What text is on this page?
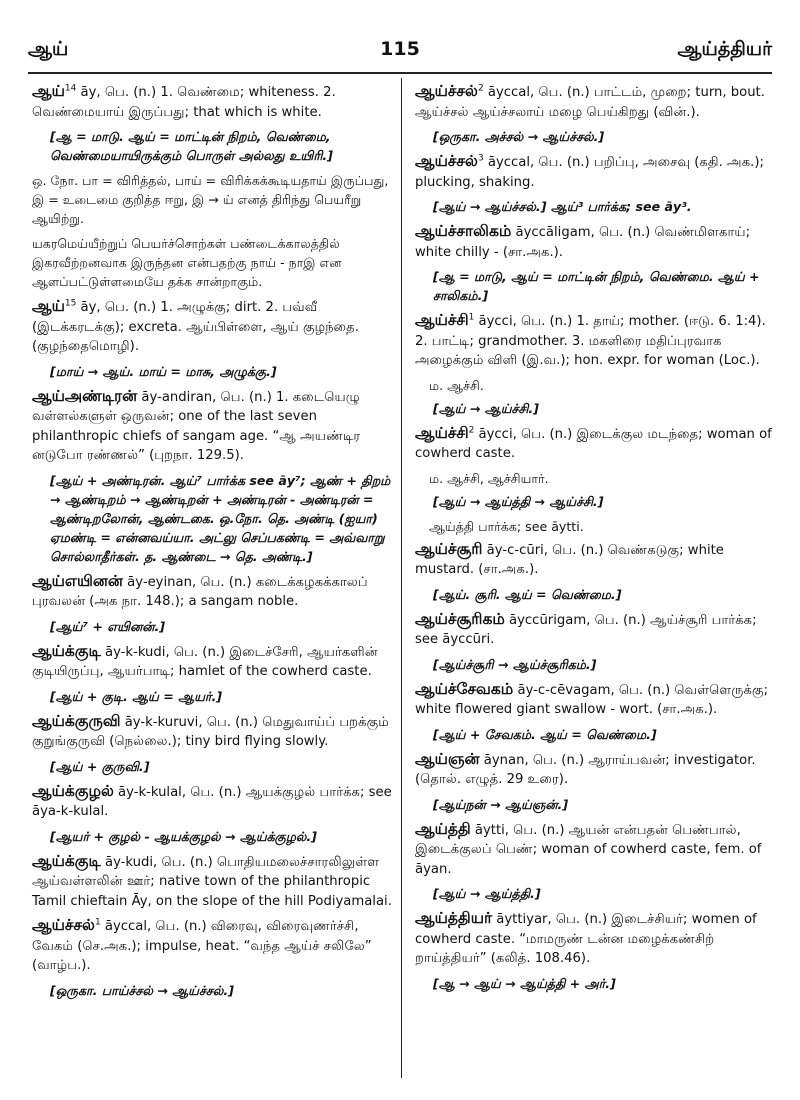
ஆய்	115	ஆய்த்தியர்
ஆய்$^{14}$ āy, பெ. (n.) 1. வெண்மை; whiteness. 2. வெண்மையாய் இருப்பது; that which is white.
[ஆ = மாடு. ஆய் = மாட்டின் நிறம், வெண்மை, வெண்மையாயிருக்கும் பொருள் அல்லது உயிரி.]
ஒ. நோ. பா = விரித்தல், பாய் = விரிக்கக்கூடியதாய் இருப்பது, இ = உடைமை குறித்த ஈறு, இ → ய் எனத் திரிந்து பெயரீறு ஆயிற்று.
யகரமெய்யீற்றுப் பெயர்ச்சொற்கள் பண்டைக்காலத்தில் இகரவீற்றனவாக இருந்தன என்பதற்கு நாய் - நாஇ என ஆளப்பட்டுள்ளமையே தக்க சான்றாகும்.
ஆய்$^{15}$ āy, பெ. (n.) 1. அழுக்கு; dirt. 2. பவ்வீ (இடக்கரடக்கு); excreta. ஆய்பிள்ளை, ஆய் குழந்தை. (குழந்தைமொழி).
[மாய் → ஆய். மாய் = மாசு, அழுக்கு.]
ஆய்அண்டிரன் āy-andiran, பெ. (n.) 1. கடையெழு வள்ளல்களுள் ஒருவன்; one of the last seven philanthropic chiefs of sangam age. “ஆ அயண்டிர னடுபோ ரண்ணல்” (புறநா. 129.5).
[ஆய் + அண்டிரன். ஆய்⁷ பார்க்க see āy⁷; ஆண் + திறம் → ஆண்டிறம் → ஆண்டிறன் + அண்டிரன் - அண்டிரன் = ஆண்டிறலோன், ஆண்டகை. ஒ.நோ. தெ. அண்டி (ஐயா) ஏமண்டி = என்னவய்யா. அட்லு செப்பகண்டி = அவ்வாறு சொல்லாதீர்கள். த. ஆண்டை → தெ. அண்டி.]
ஆய்எயினன் āy-eyinan, பெ. (n.) கடைக்கழகக்காலப் புரவலன் (அக நா. 148.); a sangam noble.
[ஆய்⁷ + எயினன்.]
ஆய்க்குடி āy-k-kudi, பெ. (n.) இடைச்சேரி, ஆயர்களின் குடியிருப்பு, ஆயர்பாடி; hamlet of the cowherd caste.
[ஆய் + குடி. ஆய் = ஆயர்.]
ஆய்க்குருவி āy-k-kuruvi, பெ. (n.) மெதுவாய்ப் பறக்கும் குறுங்குருவி (நெல்லை.); tiny bird flying slowly.
[ஆய் + குருவி.]
ஆய்க்குழல் āy-k-kulal, பெ. (n.) ஆயக்குழல் பார்க்க; see āya-k-kulal.
[ஆயர் + குழல் - ஆயக்குழல் → ஆய்க்குழல்.]
ஆய்க்குடி āy-kudi, பெ. (n.) பொதியமலைச்சாரலிலுள்ள ஆய்வள்ளலின் ஊர்; native town of the philanthropic Tamil chieftain Āy, on the slope of the hill Podiyamalai.
ஆய்ச்சல்$^1$ āyccal, பெ. (n.) விரைவு, விரைவுணர்ச்சி, வேகம் (செ.அக.); impulse, heat. “வந்த ஆய்ச் சலிலே” (வாழ்ப.).
[ஒருகா. பாய்ச்சல் → ஆய்ச்சல்.]
ஆய்ச்சல்$^2$ āyccal, பெ. (n.) பாட்டம், முறை; turn, bout. ஆய்ச்சல் ஆய்ச்சலாய் மழை பெய்கிறது (வின்.).
[ஒருகா. அச்சல் → ஆய்ச்சல்.]
ஆய்ச்சல்$^3$ āyccal, பெ. (n.) பறிப்பு, அசைவு (கதி. அக.); plucking, shaking.
[ஆய் → ஆய்ச்சல்.] ஆய்³ பார்க்க; see āy³.
ஆய்ச்சாலிகம் āyccāligam, பெ. (n.) வெண்மிளகாய்; white chilly - (சா.அக.).
[ஆ = மாடு, ஆய் = மாட்டின் நிறம், வெண்மை. ஆய் + சாலிகம்.]
ஆய்ச்சி$^1$ āycci, பெ. (n.) 1. தாய்; mother. (ஈடு. 6. 1:4). 2. பாட்டி; grandmother. 3. மகளிரை மதிப்புரவாக அழைக்கும் விளி (இ.வ.); hon. expr. for woman (Loc.).
ம. ஆச்சி.
[ஆய் → ஆய்ச்சி.]
ஆய்ச்சி$^2$ āycci, பெ. (n.) இடைக்குல மடந்தை; woman of cowherd caste.
ம. ஆச்சி, ஆச்சியார்.
[ஆய் → ஆய்த்தி → ஆய்ச்சி.]
ஆய்த்தி பார்க்க; see āytti.
ஆய்ச்சூரி āy-c-cūri, பெ. (n.) வெண்கடுகு; white mustard. (சா.அக.).
[ஆய். சூரி. ஆய் = வெண்மை.]
ஆய்ச்சூரிகம் āyccūrigam, பெ. (n.) ஆய்ச்சூரி பார்க்க; see āyccūri.
[ஆய்ச்சூரி → ஆய்ச்சூரிகம்.]
ஆய்ச்சேவகம் āy-c-cēvagam, பெ. (n.) வெள்ளெருக்கு; white flowered giant swallow - wort. (சா.அக.).
[ஆய் + சேவகம். ஆய் = வெண்மை.]
ஆய்ஞன் āynan, பெ. (n.) ஆராய்பவன்; investigator. (தொல். எழுத். 29 உரை).
[ஆய்நன் → ஆய்ஞன்.]
ஆய்த்தி āytti, பெ. (n.) ஆயன் என்பதன் பெண்பால், இடைக்குலப் பெண்; woman of cowherd caste, fem. of āyan.
[ஆய் → ஆய்த்தி.]
ஆய்த்தியர் āyttiyar, பெ. (n.) இடைச்சியர்; women of cowherd caste. “மாமருண் டன்ன மழைக்கண்சிற் றாய்த்தியர்” (கலித். 108.46).
[ஆ → ஆய் → ஆய்த்தி + அர்.]
